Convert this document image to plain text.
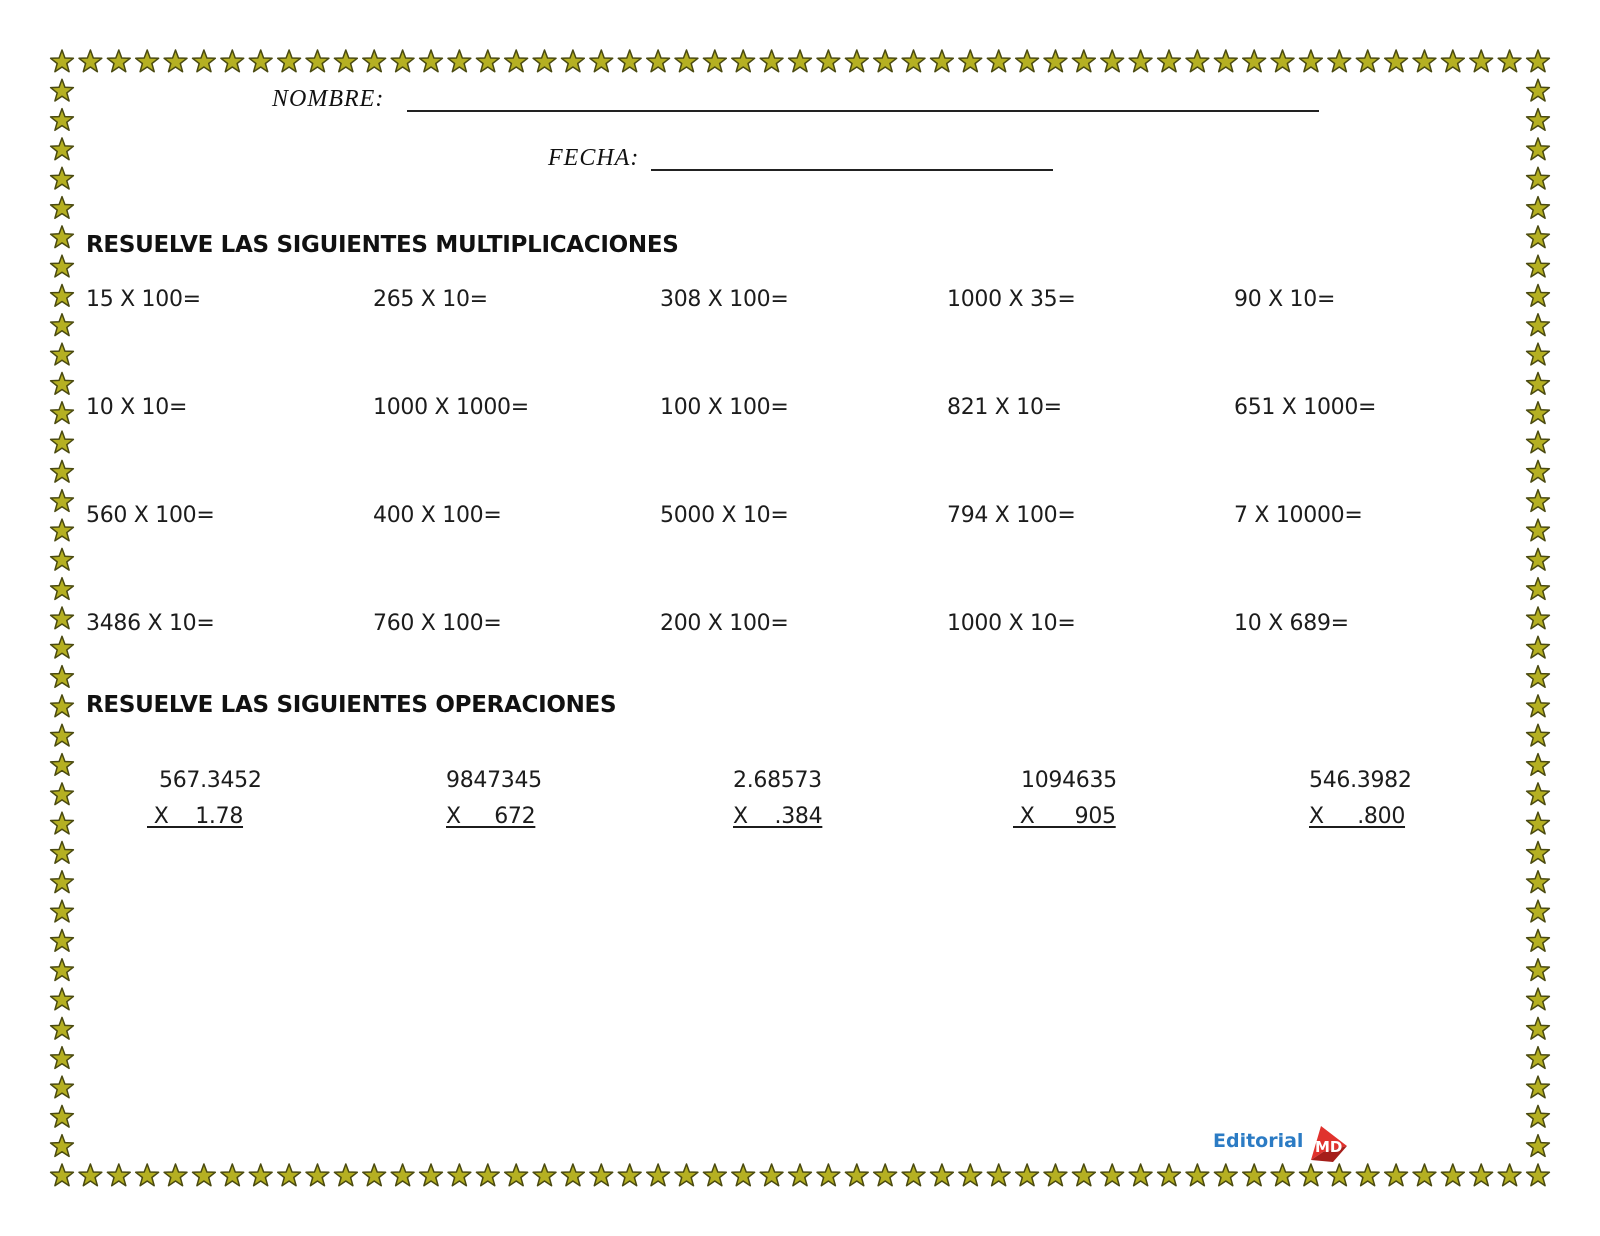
NOMBRE:
FECHA:
RESUELVE LAS SIGUIENTES MULTIPLICACIONES
15 X 100=	265 X 10=	308 X 100=	1000 X 35=	90 X 10=
10 X 10=	1000 X 1000=	100 X 100=	821 X 10=	651 X 1000=
560 X 100=	400 X 100=	5000 X 10=	794 X 100=	7 X 10000=
3486 X 10=	760 X 100=	200 X 100=	1000 X 10=	10 X 689=
RESUELVE LAS SIGUIENTES OPERACIONES
567.3452
X    1.78
9847345
X     672
2.68573
X    .384
1094635
X      905
546.3982
X     .800
Editorial MD
